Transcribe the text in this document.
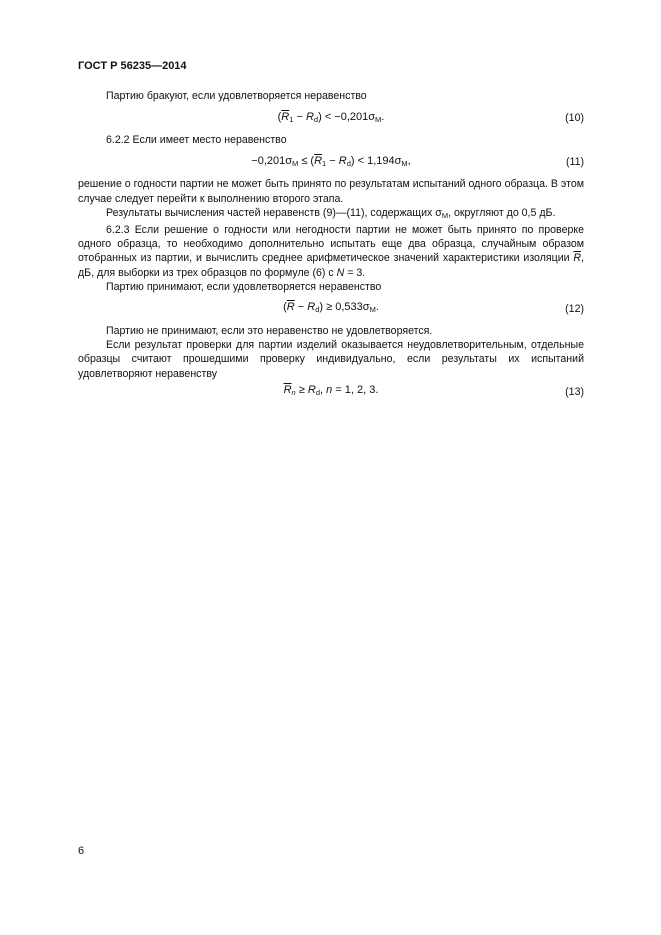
ГОСТ Р 56235—2014

Партию бракуют, если удовлетворяется неравенство

$(\overline{R}_1 - R_d) < -0,201\sigma_M$.	(10)

6.2.2 Если имеет место неравенство

$-0,201\sigma_M \le (\overline{R}_1 - R_d) < 1,194\sigma_M$,	(11)

решение о годности партии не может быть принято по результатам испытаний одного образца. В этом случае следует перейти к выполнению второго этапа.

Результаты вычисления частей неравенств (9)—(11), содержащих $\sigma_M$, округляют до 0,5 дБ.

6.2.3 Если решение о годности или негодности партии не может быть принято по проверке одного образца, то необходимо дополнительно испытать еще два образца, случайным образом отобранных из партии, и вычислить среднее арифметическое значений характеристики изоляции $\overline{R}$, дБ, для выборки из трех образцов по формуле (6) с N = 3.

Партию принимают, если удовлетворяется неравенство

$(\overline{R} - R_d) \ge 0,533\sigma_M$.	(12)

Партию не принимают, если это неравенство не удовлетворяется.

Если результат проверки для партии изделий оказывается неудовлетворительным, отдельные образцы считают прошедшими проверку индивидуально, если результаты их испытаний удовлетворяют неравенству

$\overline{R}_n \ge R_d$, n = 1, 2, 3.	(13)
6
